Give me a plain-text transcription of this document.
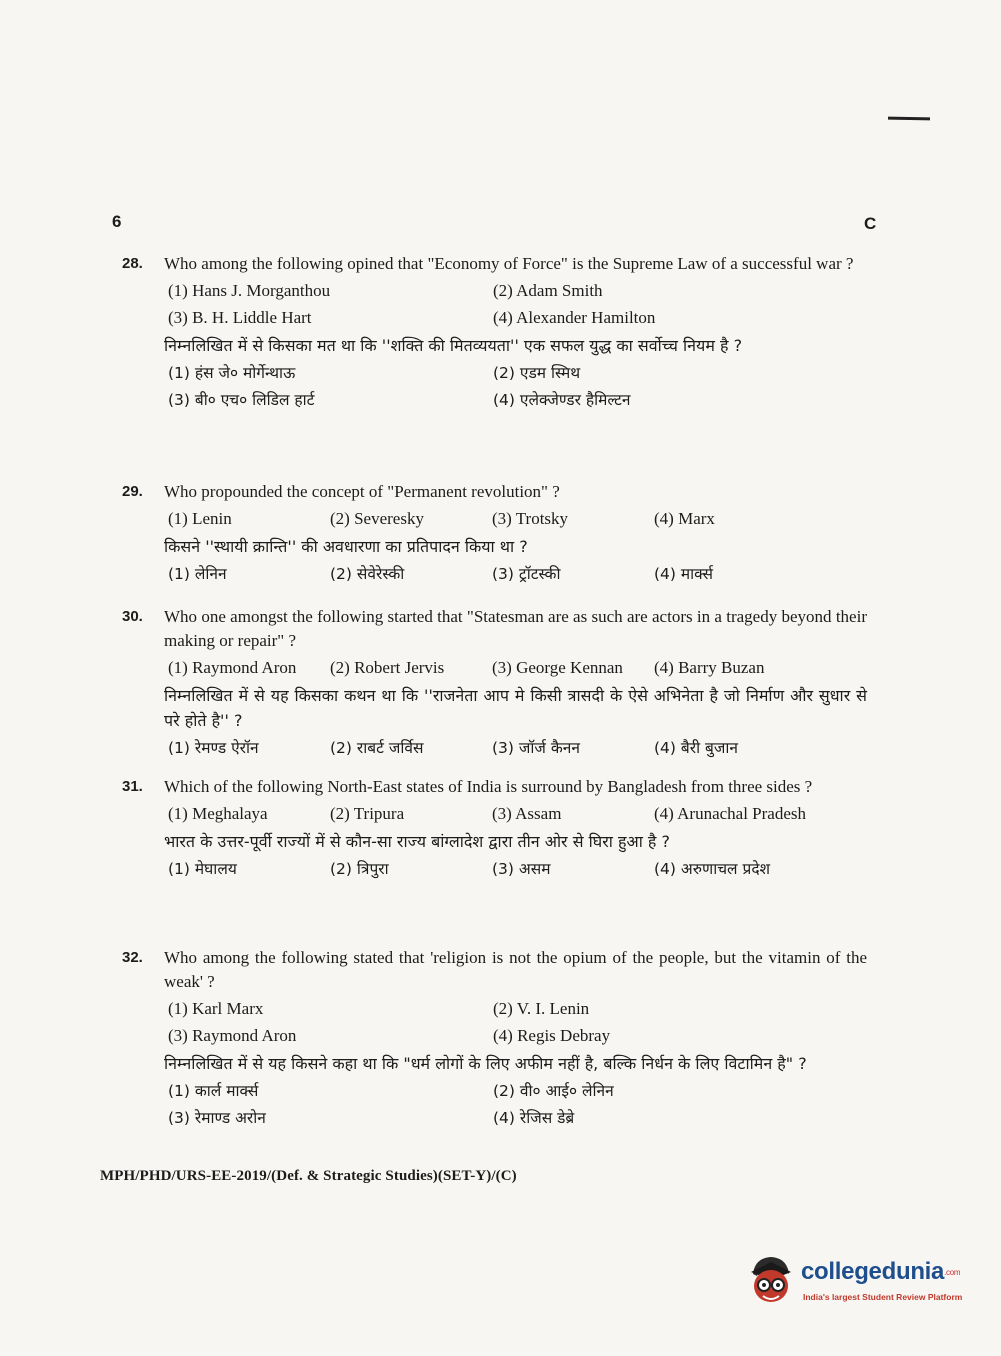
6	C
28.	Who among the following opined that "Economy of Force" is the Supreme Law of a successful war ?
(1) Hans J. Morganthou	(2) Adam Smith
(3) B. H. Liddle Hart	(4) Alexander Hamilton
निम्नलिखित में से किसका मत था कि ''शक्ति की मितव्ययता'' एक सफल युद्ध का सर्वोच्च नियम है ?
(1) हंस जे० मोर्गेन्थाऊ	(2) एडम स्मिथ
(3) बी० एच० लिडिल हार्ट	(4) एलेक्जेण्डर हैमिल्टन
29.	Who propounded the concept of "Permanent revolution" ?
(1) Lenin	(2) Severesky	(3) Trotsky	(4) Marx
किसने ''स्थायी क्रान्ति'' की अवधारणा का प्रतिपादन किया था ?
(1) लेनिन	(2) सेवेरेस्की	(3) ट्रॉटस्की	(4) मार्क्स
30.	Who one amongst the following started that "Statesman are as such are actors in a tragedy beyond their making or repair" ?
(1) Raymond Aron	(2) Robert Jervis	(3) George Kennan	(4) Barry Buzan
निम्नलिखित में से यह किसका कथन था कि ''राजनेता आप मे किसी त्रासदी के ऐसे अभिनेता है जो निर्माण और सुधार से परे होते है'' ?
(1) रेमण्ड ऐरॉन	(2) राबर्ट जर्विस	(3) जॉर्ज कैनन	(4) बैरी बुजान
31.	Which of the following North-East states of India is surround by Bangladesh from three sides ?
(1) Meghalaya	(2) Tripura	(3) Assam	(4) Arunachal Pradesh
भारत के उत्तर-पूर्वी राज्यों में से कौन-सा राज्य बांग्लादेश द्वारा तीन ओर से घिरा हुआ है ?
(1) मेघालय	(2) त्रिपुरा	(3) असम	(4) अरुणाचल प्रदेश
32.	Who among the following stated that 'religion is not the opium of the people, but the vitamin of the weak' ?
(1) Karl Marx	(2) V. I. Lenin
(3) Raymond Aron	(4) Regis Debray
निम्नलिखित में से यह किसने कहा था कि "धर्म लोगों के लिए अफीम नहीं है, बल्कि निर्धन के लिए विटामिन है" ?
(1) कार्ल मार्क्स	(2) वी० आई० लेनिन
(3) रेमाण्ड अरोन	(4) रेजिस डेब्रे
MPH/PHD/URS-EE-2019/(Def. & Strategic Studies)(SET-Y)/(C)
collegedunia.com
India's largest Student Review Platform
